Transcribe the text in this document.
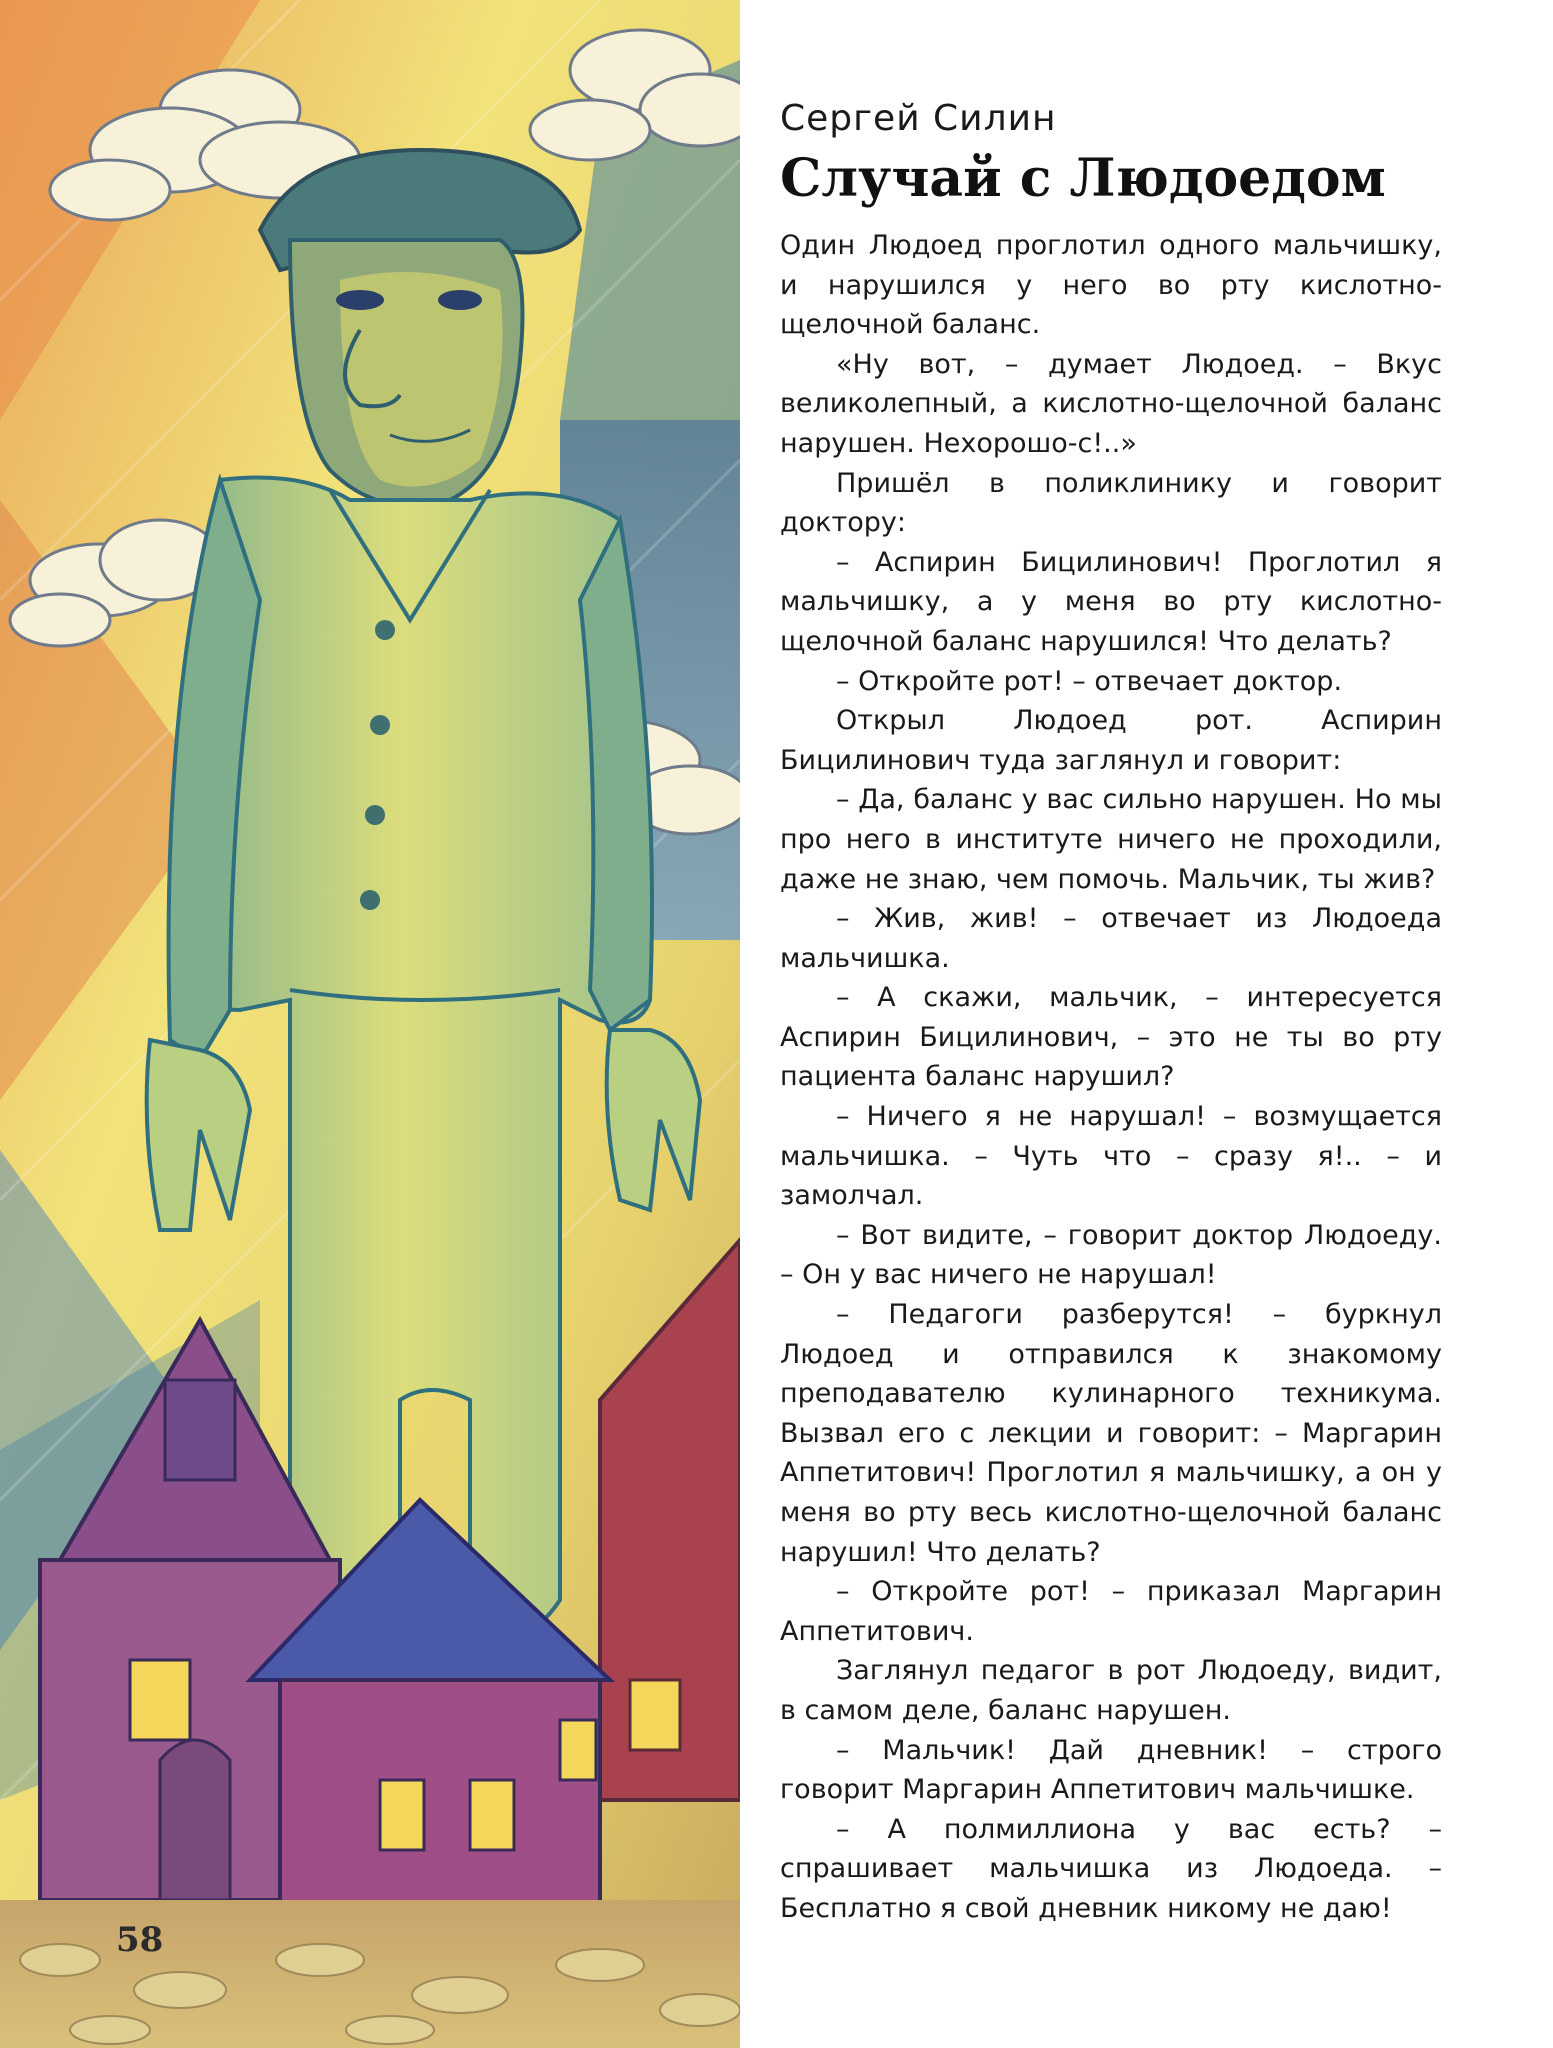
58
Сергей Силин
Случай с Людоедом

Один Людоед проглотил одного мальчишку, и нарушился у него во рту кислотно-щелочной баланс.

«Ну вот, – думает Людоед. – Вкус великолепный, а кислотно-щелочной баланс нарушен. Нехорошо-с!..»

Пришёл в поликлинику и говорит доктору:

– Аспирин Бицилинович! Проглотил я мальчишку, а у меня во рту кислотно-щелочной баланс нарушился! Что делать?

– Откройте рот! – отвечает доктор.

Открыл Людоед рот. Аспирин Бицилинович туда заглянул и говорит:

– Да, баланс у вас сильно нарушен. Но мы про него в институте ничего не проходили, даже не знаю, чем помочь. Мальчик, ты жив?

– Жив, жив! – отвечает из Людоеда мальчишка.

– А скажи, мальчик, – интересуется Аспирин Бицилинович, – это не ты во рту пациента баланс нарушил?

– Ничего я не нарушал! – возмущается мальчишка. – Чуть что – сразу я!.. – и замолчал.

– Вот видите, – говорит доктор Людоеду. – Он у вас ничего не нарушал!

– Педагоги разберутся! – буркнул Людоед и отправился к знакомому преподавателю кулинарного техникума. Вызвал его с лекции и говорит: – Маргарин Аппетитович! Проглотил я мальчишку, а он у меня во рту весь кислотно-щелочной баланс нарушил! Что делать?

– Откройте рот! – приказал Маргарин Аппетитович.

Заглянул педагог в рот Людоеду, видит, в самом деле, баланс нарушен.

– Мальчик! Дай дневник! – строго говорит Маргарин Аппетитович мальчишке.

– А полмиллиона у вас есть? – спрашивает мальчишка из Людоеда. – Бесплатно я свой дневник никому не даю!
